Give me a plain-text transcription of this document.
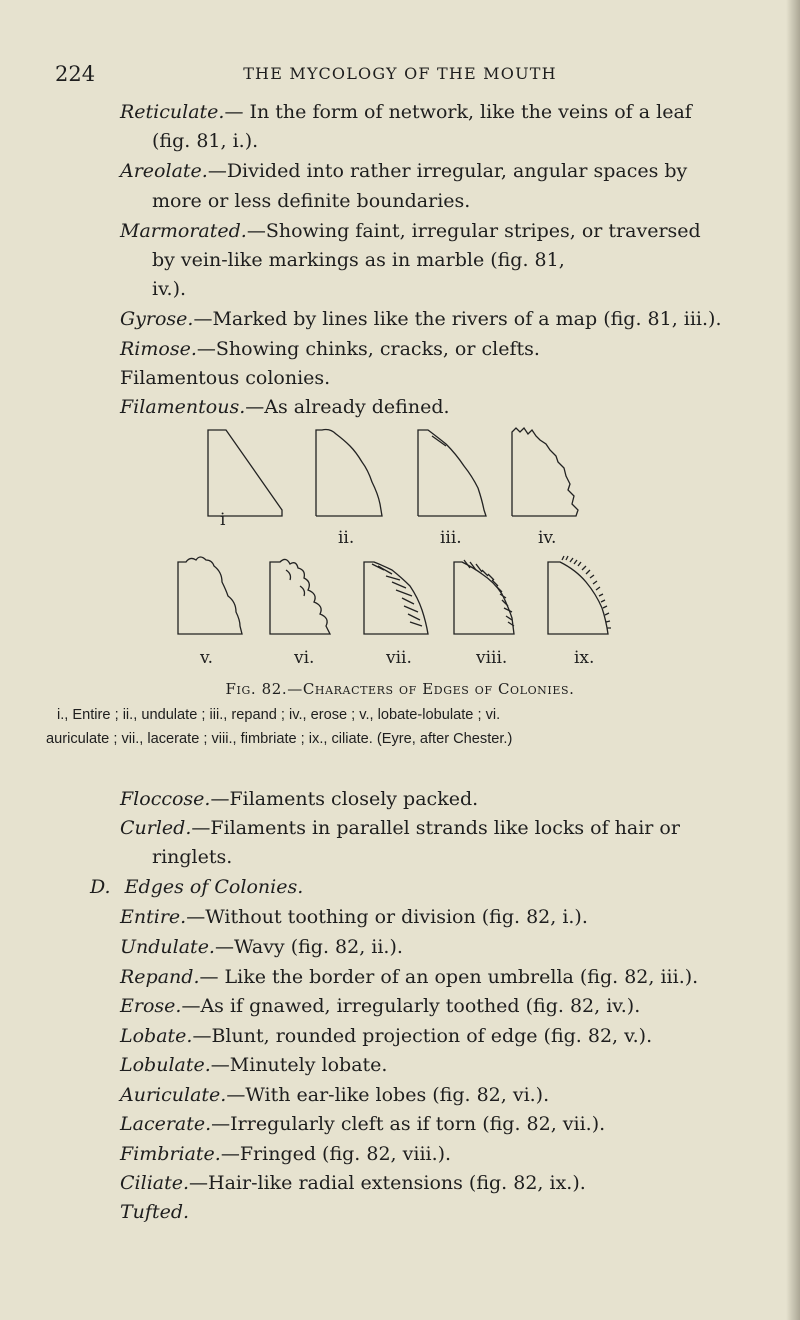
224	THE MYCOLOGY OF THE MOUTH
Reticulate.— In the form of network, like the veins of a leaf
(fig. 81, i.).
Areolate.—Divided into rather irregular, angular spaces by
more or less definite boundaries.
Marmorated.—Showing faint, irregular stripes, or traversed
by vein-like markings as in marble (fig. 81,
iv.).
Gyrose.—Marked by lines like the rivers of a map (fig. 81, iii.).
Rimose.—Showing chinks, cracks, or clefts.
Filamentous colonies.
Filamentous.—As already defined.
i
ii.	iii.	iv.
v.	vi.	vii.	viii.	ix.
Fig. 82.—Characters of Edges of Colonies.
i., Entire ; ii., undulate ; iii., repand ; iv., erose ; v., lobate-lobulate ; vi.
auriculate ; vii., lacerate ; viii., fimbriate ; ix., ciliate. (Eyre, after Chester.)
Floccose.—Filaments closely packed.
Curled.—Filaments in parallel strands like locks of hair or
ringlets.
D. Edges of Colonies.
Entire.—Without toothing or division (fig. 82, i.).
Undulate.—Wavy (fig. 82, ii.).
Repand.— Like the border of an open umbrella (fig. 82, iii.).
Erose.—As if gnawed, irregularly toothed (fig. 82, iv.).
Lobate.—Blunt, rounded projection of edge (fig. 82, v.).
Lobulate.—Minutely lobate.
Auriculate.—With ear-like lobes (fig. 82, vi.).
Lacerate.—Irregularly cleft as if torn (fig. 82, vii.).
Fimbriate.—Fringed (fig. 82, viii.).
Ciliate.—Hair-like radial extensions (fig. 82, ix.).
Tufted.
